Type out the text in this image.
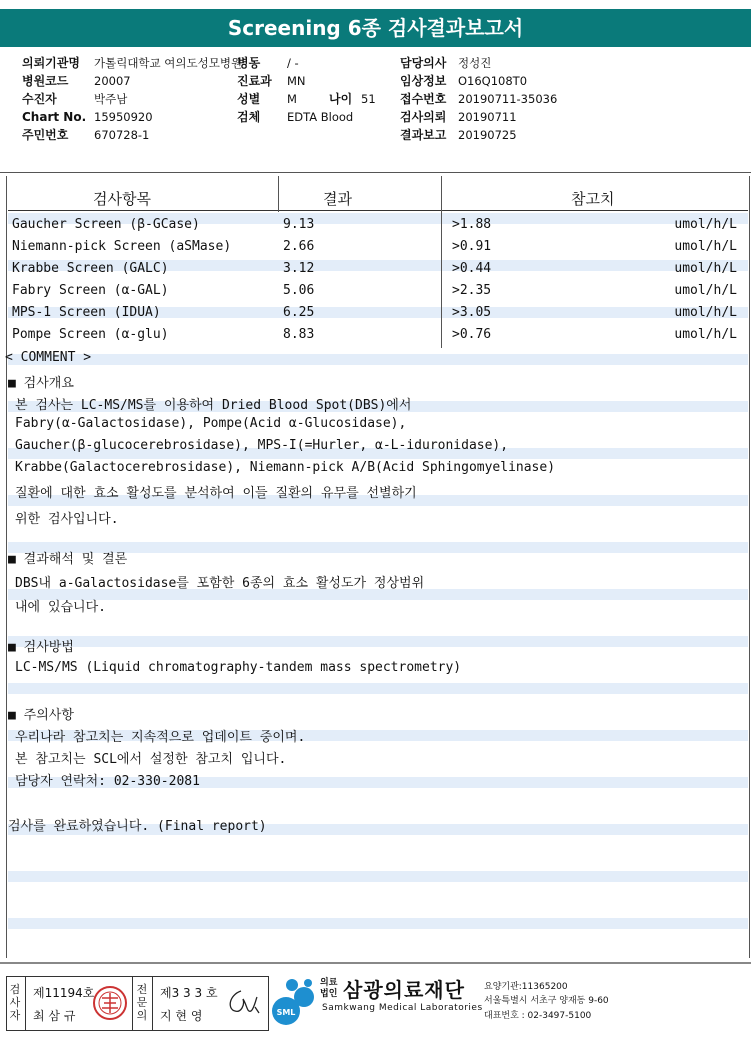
Screening 6종 검사결과보고서
의뢰기관명 가톨릭대학교 여의도성모병원
병원코드 20007
수진자	박주남
Chart No. 15950920
주민번호 670728-1
병동 / -
진료과 MN
성별 M	나이 51
검체 EDTA Blood
담당의사 정성진
임상정보 O16Q108T0
접수번호 20190711-35036
검사의뢰 20190711
결과보고 20190725
검사항목	결과	참고치
Gaucher Screen (β-GCase)	9.13	>1.88	umol/h/L
Niemann-pick Screen (aSMase)	2.66	>0.91	umol/h/L
Krabbe Screen (GALC)	3.12	>0.44	umol/h/L
Fabry Screen (α-GAL)	5.06	>2.35	umol/h/L
MPS-1 Screen (IDUA)	6.25	>3.05	umol/h/L
Pompe Screen (α-glu)	8.83	>0.76	umol/h/L
< COMMENT >
■ 검사개요
본 검사는 LC-MS/MS를 이용하여 Dried Blood Spot(DBS)에서
Fabry(α-Galactosidase), Pompe(Acid α-Glucosidase),
Gaucher(β-glucocerebrosidase), MPS-I(=Hurler, α-L-iduronidase),
Krabbe(Galactocerebrosidase), Niemann-pick A/B(Acid Sphingomyelinase)
질환에 대한 효소 활성도를 분석하여 이들 질환의 유무를 선별하기
위한 검사입니다.
■ 결과해석 및 결론
DBS내 a-Galactosidase를 포함한 6종의 효소 활성도가 정상범위
내에 있습니다.
■ 검사방법
LC-MS/MS (Liquid chromatography-tandem mass spectrometry)
■ 주의사항
우리나라 참고치는 지속적으로 업데이트 중이며.
본 참고치는 SCL에서 설정한 참고치 입니다.
담당자 연락처: 02-330-2081
검사를 완료하였습니다. (Final report)
검사자
제11194호
최 삼 규
전문의
제3 3 3 호
지 현 영	SML
의료법인 삼광의료재단
Samkwang Medical Laboratories
요양기관:11365200
서울특별시 서초구 양재동 9-60
대표번호 : 02-3497-5100
